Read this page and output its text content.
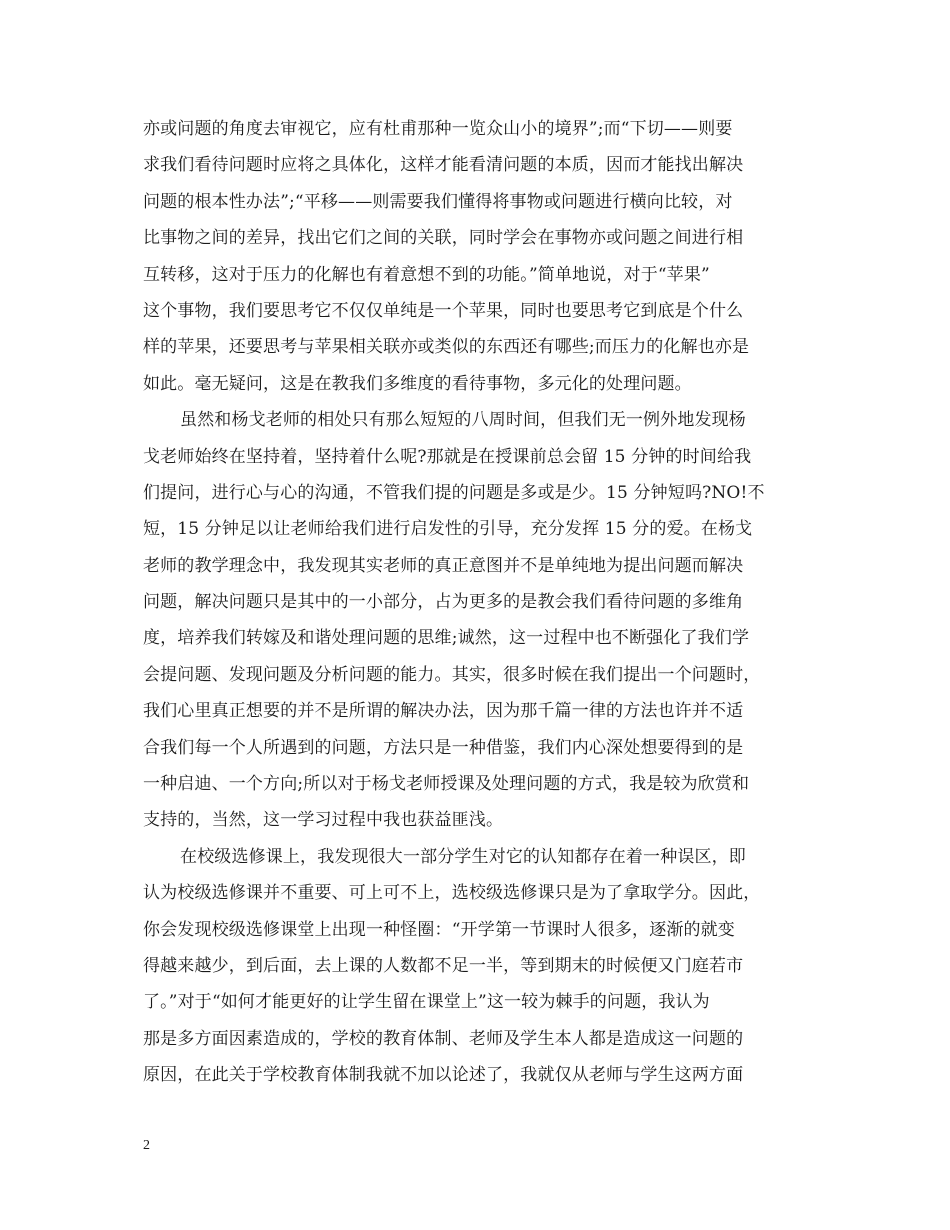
亦或问题的角度去审视它，应有杜甫那种一览众山小的境界”;而“下切——则要
求我们看待问题时应将之具体化，这样才能看清问题的本质，因而才能找出解决
问题的根本性办法”;“平移——则需要我们懂得将事物或问题进行横向比较，对
比事物之间的差异，找出它们之间的关联，同时学会在事物亦或问题之间进行相
互转移，这对于压力的化解也有着意想不到的功能。”简单地说，对于“苹果”
这个事物，我们要思考它不仅仅单纯是一个苹果，同时也要思考它到底是个什么
样的苹果，还要思考与苹果相关联亦或类似的东西还有哪些;而压力的化解也亦是
如此。毫无疑问，这是在教我们多维度的看待事物，多元化的处理问题。
虽然和杨戈老师的相处只有那么短短的八周时间，但我们无一例外地发现杨
戈老师始终在坚持着，坚持着什么呢?那就是在授课前总会留 15 分钟的时间给我
们提问，进行心与心的沟通，不管我们提的问题是多或是少。15 分钟短吗?NO!不
短，15 分钟足以让老师给我们进行启发性的引导，充分发挥 15 分的爱。在杨戈
老师的教学理念中，我发现其实老师的真正意图并不是单纯地为提出问题而解决
问题，解决问题只是其中的一小部分，占为更多的是教会我们看待问题的多维角
度，培养我们转嫁及和谐处理问题的思维;诚然，这一过程中也不断强化了我们学
会提问题、发现问题及分析问题的能力。其实，很多时候在我们提出一个问题时，
我们心里真正想要的并不是所谓的解决办法，因为那千篇一律的方法也许并不适
合我们每一个人所遇到的问题，方法只是一种借鉴，我们内心深处想要得到的是
一种启迪、一个方向;所以对于杨戈老师授课及处理问题的方式，我是较为欣赏和
支持的，当然，这一学习过程中我也获益匪浅。
在校级选修课上，我发现很大一部分学生对它的认知都存在着一种误区，即
认为校级选修课并不重要、可上可不上，选校级选修课只是为了拿取学分。因此，
你会发现校级选修课堂上出现一种怪圈：“开学第一节课时人很多，逐渐的就变
得越来越少，到后面，去上课的人数都不足一半，等到期末的时候便又门庭若市
了。”对于“如何才能更好的让学生留在课堂上”这一较为棘手的问题，我认为
那是多方面因素造成的，学校的教育体制、老师及学生本人都是造成这一问题的
原因，在此关于学校教育体制我就不加以论述了，我就仅从老师与学生这两方面
2
